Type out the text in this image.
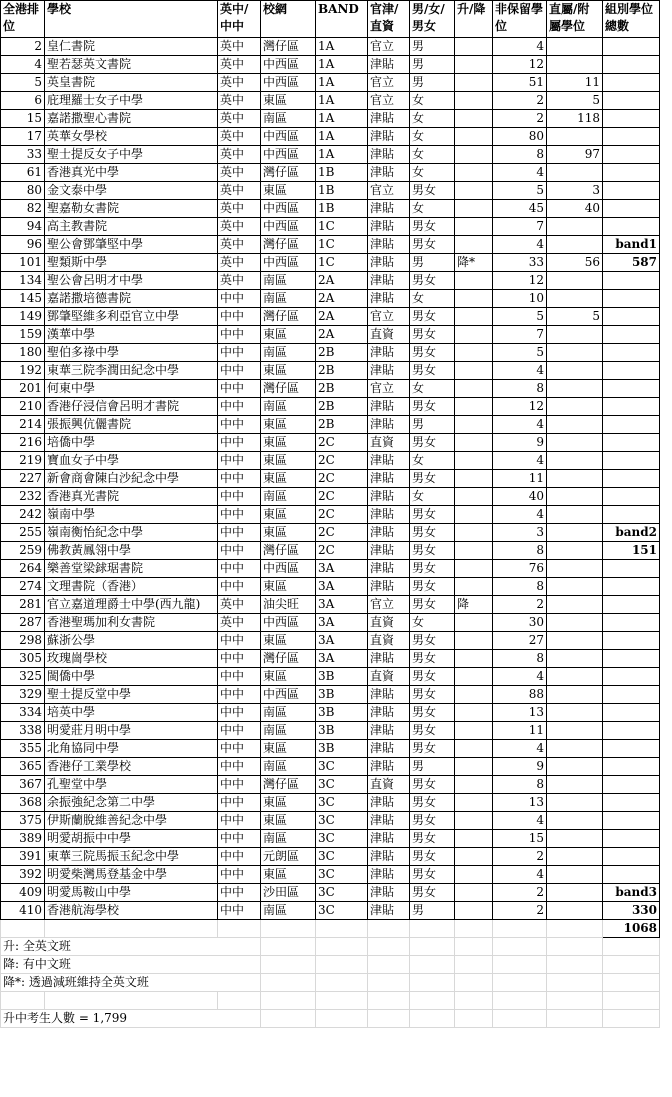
全港排位	學校	英中/中中	校網	BAND	官津/直資	男/女/男女	升/降	非保留學位	直屬/附屬學位	組別學位總數
2	皇仁書院	英中	灣仔區	1A	官立	男		4		
4	聖若瑟英文書院	英中	中西區	1A	津貼	男		12		
5	英皇書院	英中	中西區	1A	官立	男		51	11	
6	庇理羅士女子中學	英中	東區	1A	官立	女		2	5	
15	嘉諾撒聖心書院	英中	南區	1A	津貼	女		2	118	
17	英華女學校	英中	中西區	1A	津貼	女		80		
33	聖士提反女子中學	英中	中西區	1A	津貼	女		8	97	
61	香港真光中學	英中	灣仔區	1B	津貼	女		4		
80	金文泰中學	英中	東區	1B	官立	男女		5	3	
82	聖嘉勒女書院	英中	中西區	1B	津貼	女		45	40	
94	高主教書院	英中	中西區	1C	津貼	男女		7		
96	聖公會鄧肇堅中學	英中	灣仔區	1C	津貼	男女		4		band1
101	聖類斯中學	英中	中西區	1C	津貼	男	降*	33	56	587
134	聖公會呂明才中學	英中	南區	2A	津貼	男女		12		
145	嘉諾撒培德書院	中中	南區	2A	津貼	女		10		
149	鄧肇堅維多利亞官立中學	中中	灣仔區	2A	官立	男女		5	5	
159	漢華中學	中中	東區	2A	直資	男女		7		
180	聖伯多祿中學	中中	南區	2B	津貼	男女		5		
192	東華三院李潤田紀念中學	中中	東區	2B	津貼	男女		4		
201	何東中學	中中	灣仔區	2B	官立	女		8		
210	香港仔浸信會呂明才書院	中中	南區	2B	津貼	男女		12		
214	張振興伉儷書院	中中	東區	2B	津貼	男		4		
216	培僑中學	中中	東區	2C	直資	男女		9		
219	寶血女子中學	中中	東區	2C	津貼	女		4		
227	新會商會陳白沙紀念中學	中中	東區	2C	津貼	男女		11		
232	香港真光書院	中中	南區	2C	津貼	女		40		
242	嶺南中學	中中	東區	2C	津貼	男女		4		
255	嶺南衡怡紀念中學	中中	東區	2C	津貼	男女		3		band2
259	佛教黃鳳翎中學	中中	灣仔區	2C	津貼	男女		8		151
264	樂善堂梁銶琚書院	中中	中西區	3A	津貼	男女		76		
274	文理書院（香港）	中中	東區	3A	津貼	男女		8		
281	官立嘉道理爵士中學(西九龍)	英中	油尖旺	3A	官立	男女	降	2		
287	香港聖瑪加利女書院	英中	中西區	3A	直資	女		30		
298	蘇浙公學	中中	東區	3A	直資	男女		27		
305	玫瑰崗學校	中中	灣仔區	3A	津貼	男女		8		
325	閩僑中學	中中	東區	3B	直資	男女		4		
329	聖士提反堂中學	中中	中西區	3B	津貼	男女		88		
334	培英中學	中中	南區	3B	津貼	男女		13		
338	明愛莊月明中學	中中	南區	3B	津貼	男女		11		
355	北角協同中學	中中	東區	3B	津貼	男女		4		
365	香港仔工業學校	中中	南區	3C	津貼	男		9		
367	孔聖堂中學	中中	灣仔區	3C	直資	男女		8		
368	余振強紀念第二中學	中中	東區	3C	津貼	男女		13		
375	伊斯蘭脫維善紀念中學	中中	東區	3C	津貼	男女		4		
389	明愛胡振中中學	中中	南區	3C	津貼	男女		15		
391	東華三院馬振玉紀念中學	中中	元朗區	3C	津貼	男女		2		
392	明愛柴灣馬登基金中學	中中	東區	3C	津貼	男女		4		
409	明愛馬鞍山中學	中中	沙田區	3C	津貼	男女		2		band3
410	香港航海學校	中中	南區	3C	津貼	男		2		330
										1068
升: 全英文班										
降: 有中文班										
降*: 透過減班維持全英文班										

升中考生人數 = 1,799										
